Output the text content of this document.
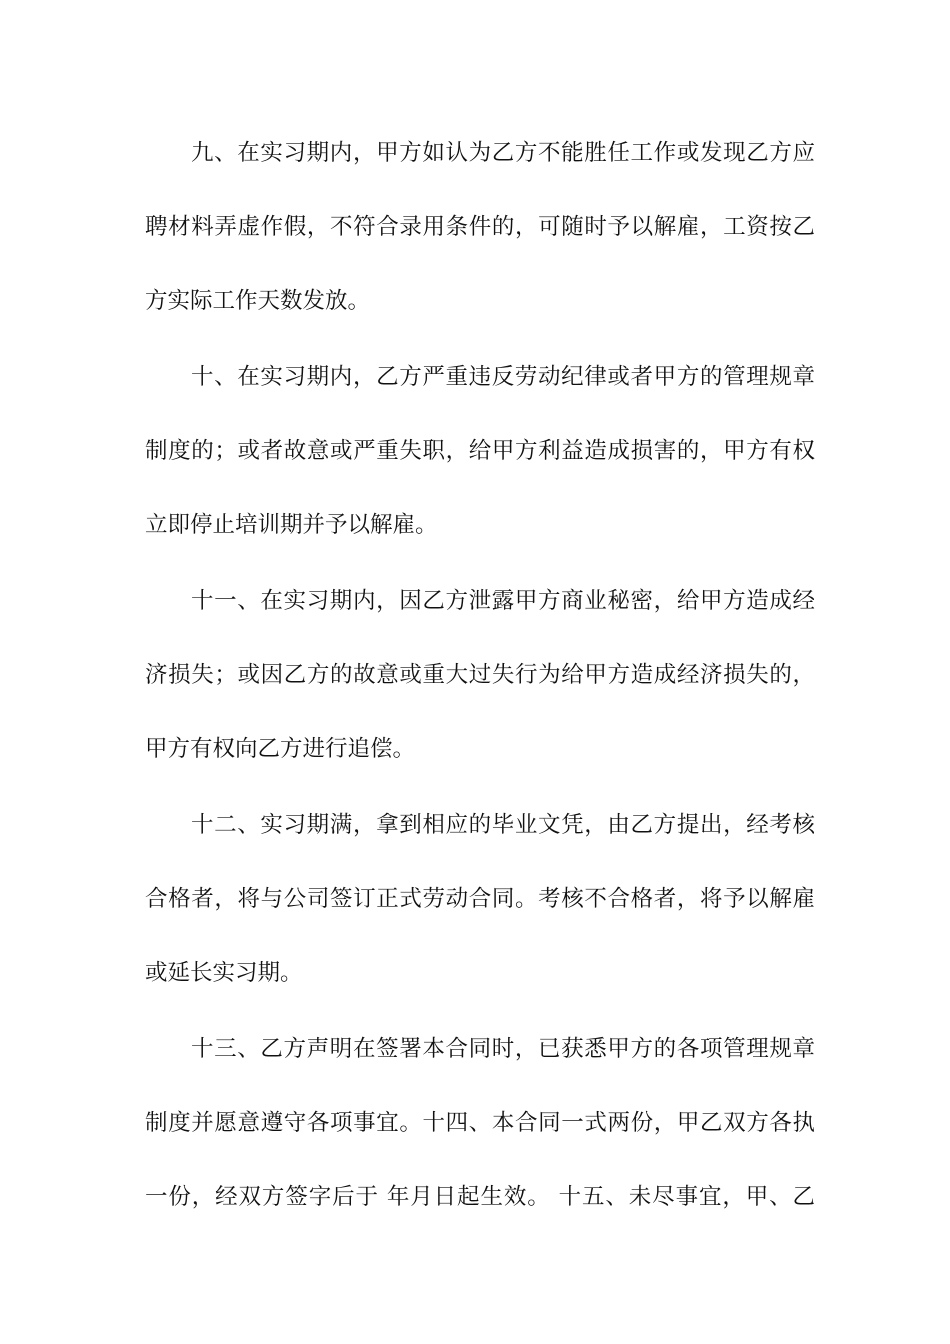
九、在实习期内，甲方如认为乙方不能胜任工作或发现乙方应
聘材料弄虚作假，不符合录用条件的，可随时予以解雇，工资按乙
方实际工作天数发放。
十、在实习期内，乙方严重违反劳动纪律或者甲方的管理规章
制度的；或者故意或严重失职，给甲方利益造成损害的，甲方有权
立即停止培训期并予以解雇。
十一、在实习期内，因乙方泄露甲方商业秘密，给甲方造成经
济损失；或因乙方的故意或重大过失行为给甲方造成经济损失的，
甲方有权向乙方进行追偿。
十二、实习期满，拿到相应的毕业文凭，由乙方提出，经考核
合格者，将与公司签订正式劳动合同。考核不合格者，将予以解雇
或延长实习期。
十三、乙方声明在签署本合同时，已获悉甲方的各项管理规章
制度并愿意遵守各项事宜。十四、本合同一式两份，甲乙双方各执
一份，经双方签字后于 年月日起生效。 十五、未尽事宜，甲、乙
